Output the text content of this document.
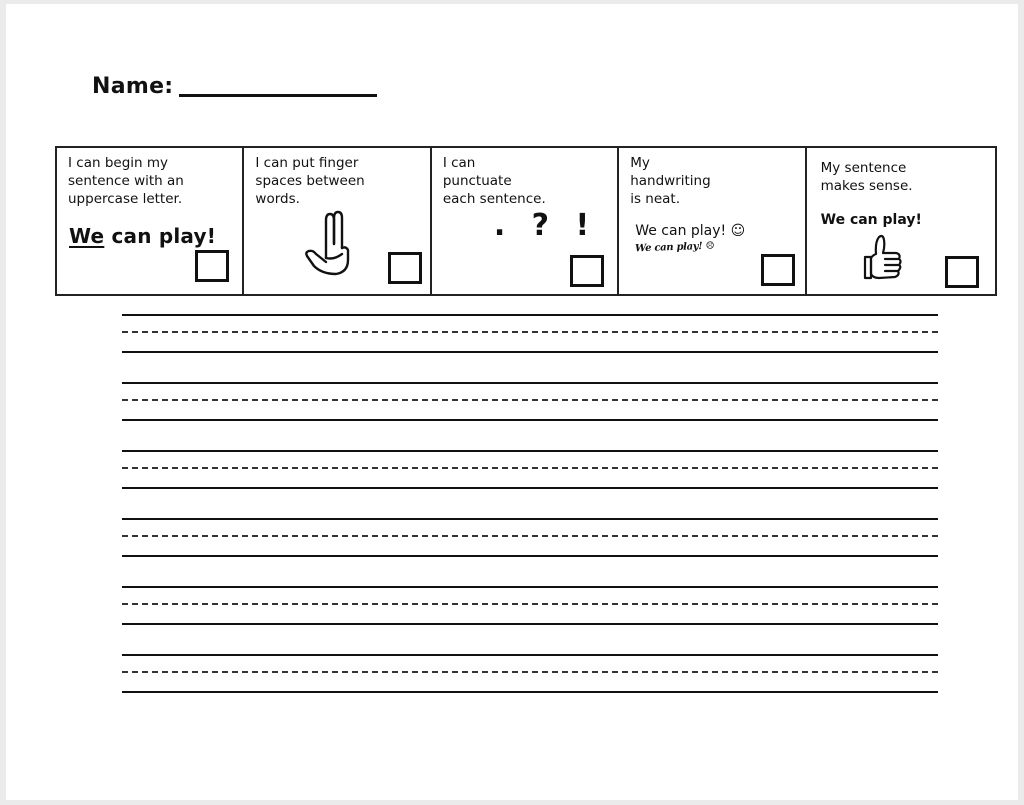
Name:
I can begin my
sentence with an
uppercase letter.
We can play!
I can put finger
spaces between
words.
I can
punctuate
each sentence.
. ? !
My
handwriting
is neat.
We can play! ☺
We can play! ☹
My sentence
makes sense.
We can play!
